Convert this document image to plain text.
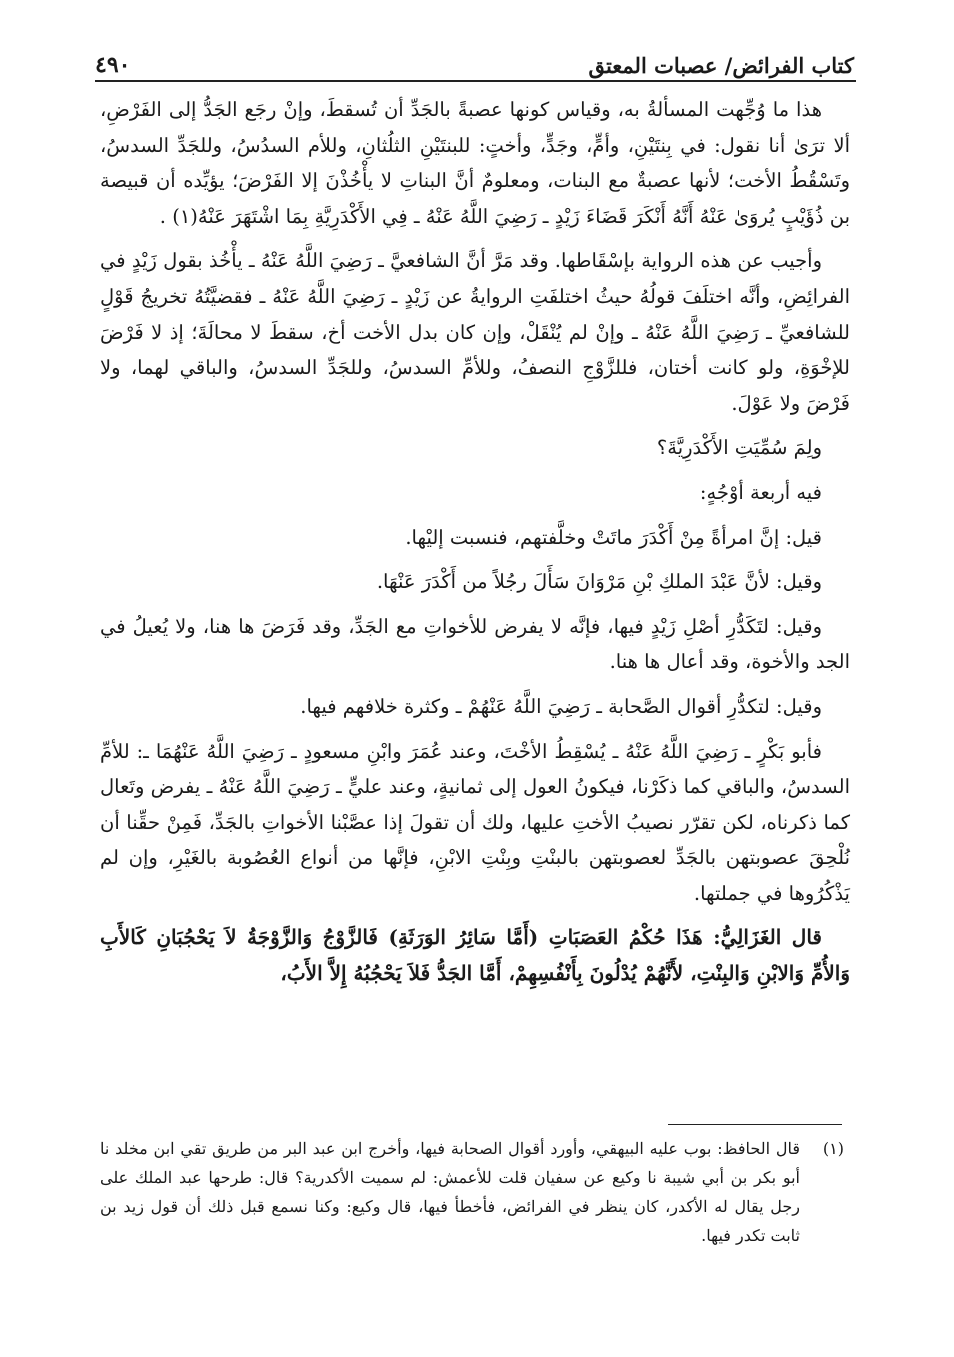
كتاب الفرائض/ عصبات المعتق
٤٩٠

هذا ما وُجِّهت المسألةُ به، وقياس كونها عصبةً بالجَدِّ أن تُسقطَ، وإنْ رجَع الجَدُّ إلى الفَرْضِ، ألا ترَىٰ أنا نقول: في بِنتَيْنِ، وأمٍّ، وجَدٍّ، وأختٍ: للبنتَيْنِ الثلُثانِ، وللأم السدُسُ، وللجَدِّ السدسُ، وتَسْقُطُ الأخت؛ لأنها عصبةٌ مع البنات، ومعلومٌ أنَّ البناتِ لا يأْخُذْنَ إلا الفَرْضَ؛ يؤيِّده أن قبيصة بن ذُؤَيْبٍ يُروَىٰ عَنْهُ أَنَّهُ أَنْكَرَ قَضَاءَ زَيْدٍ ـ رَضِيَ اللَّهُ عَنْهُ ـ فِي الأَكْدَرِيَّةِ بِمَا اشْتَهَرَ عَنْهُ(١) .

وأجيب عن هذه الرواية بإسْقَاطها. وقد مَرَّ أنَّ الشافعيَّ ـ رَضِيَ اللَّهُ عَنْهُ ـ يأْخُذ بقول زَيْدٍ في الفرائِضِ، وأنَّه اختلَفَ قولُهُ حيثُ اختلفَتِ الروايةُ عن زَيْدٍ ـ رَضِيَ اللَّهُ عَنْهُ ـ فقضيَّتُهُ تخريجُ قَوْلٍ للشافعيِّ ـ رَضِيَ اللَّهُ عَنْهُ ـ وإنْ لم يُنْقَلْ، وإن كان بدل الأخت أخ، سقطَ لا محالَةَ؛ إذ لا فَرْضَ للإخْوَةِ، ولو كانت أختان، فللزَّوْجِ النصفُ، وللأمِّ السدسُ، وللجَدِّ السدسُ، والباقي لهما، ولا فَرْضَ ولا عَوْلَ.

ولِمَ سُمِّيَتِ الأَكْدَرِيَّةَ؟

فيه أربعة أوْجُهٍ:

قيل: إنَّ امرأةً مِنْ أَكْدَرَ ماتَتْ وخلَّفتهم، فنسبت إليْها.

وقيل: لأنَّ عَبْدَ الملكِ بْنِ مَرْوَانَ سَأَلَ رجُلاً من أَكْدَرَ عَنْهَا.

وقيل: لتَكَدُّرِ أصْلِ زَيْدٍ فيها، فإنَّه لا يفرض للأخواتِ مع الجَدِّ، وقد فَرَضَ ها هنا، ولا يُعيلُ في الجد والأخوة، وقد أعال ها هنا.

وقيل: لتكدُّرِ أقوال الصَّحابة ـ رَضِيَ اللَّهُ عَنْهُمْ ـ وكثرة خلافهم فيها.

فأبو بَكْرٍ ـ رَضِيَ اللَّهُ عَنْهُ ـ يُسْقِطُ الأخْتَ، وعند عُمَرَ وابْنِ مسعودٍ ـ رَضِيَ اللَّهُ عَنْهُمَا ـ: للأمِّ السدسُ، والباقي كما ذكَرْنا، فيكونُ العول إلى ثمانيةٍ، وعند عليٍّ ـ رَضِيَ اللَّهُ عَنْهُ ـ يفرض وتَعال كما ذكرناه، لكن تقرّر نصيبُ الأختِ عليها، ولك أن تقولَ إذا عصَّبْنا الأخواتِ بالجَدِّ، فَمِنْ حقِّنا أن نُلْحِقَ عصوبتهن بالجَدِّ لعصوبتهن بالبنْتِ وبِنْتِ الابْنِ، فإنَّها من أنواع العُصُوبة بالغَيْرِ، وإن لم يَذْكُرُوها في جملتها.

قال الغَزَالِيُّ: هَذَا حُكْمُ العَصَبَاتِ (أَمَّا سَائِرُ الوَرَثَةِ) فَالزَّوْجُ وَالزَّوْجَةُ لاَ يَحْجُبَانِ كَالأَبِ وَالأُمِّ وَالابْنِ وَالبِنْتِ، لأَنَّهُمْ يُدْلُونَ بِأَنْفُسِهِمْ، أَمَّا الجَدُّ فَلاَ يَحْجُبُهُ إِلاَّ الأَبُ،

(١)
قال الحافظ: بوب عليه البيهقي، وأورد أقوال الصحابة فيها، وأخرج ابن عبد البر من طريق تقي ابن مخلد نا أبو بكر بن أبي شيبة نا وكيع عن سفيان قلت للأعمش: لم سميت الأكدرية؟ قال: طرحها عبد الملك على رجل يقال له الأكدر، كان ينظر في الفرائض، فأخطأ فيها، قال وكيع: وكنا نسمع قبل ذلك أن قول زيد بن ثابت تكدر فيها.
